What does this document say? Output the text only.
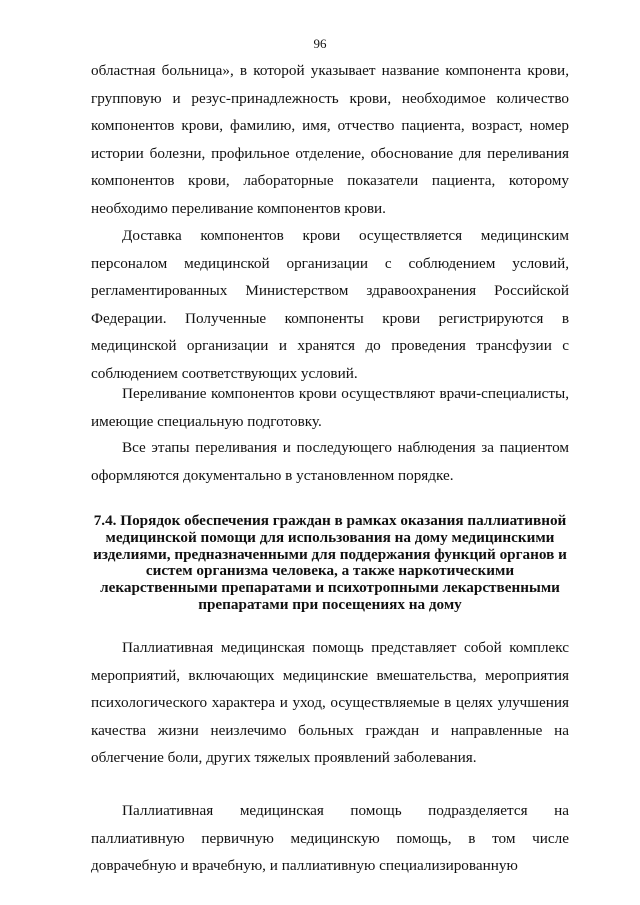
96

областная больница», в которой указывает название компонента крови, групповую и резус-принадлежность крови, необходимое количество компонентов крови, фамилию, имя, отчество пациента, возраст, номер истории болезни, профильное отделение, обоснование для переливания компонентов крови, лабораторные показатели пациента, которому необходимо переливание компонентов крови.

Доставка компонентов крови осуществляется медицинским персоналом медицинской организации с соблюдением условий, регламентированных Министерством здравоохранения Российской Федерации. Полученные компоненты крови регистрируются в медицинской организации и хранятся до проведения трансфузии с соблюдением соответствующих условий.

Переливание компонентов крови осуществляют врачи-специалисты, имеющие специальную подготовку.

Все этапы переливания и последующего наблюдения за пациентом оформляются документально в установленном порядке.

7.4. Порядок обеспечения граждан в рамках оказания паллиативной медицинской помощи для использования на дому медицинскими изделиями, предназначенными для поддержания функций органов и систем организма человека, а также наркотическими лекарственными препаратами и психотропными лекарственными препаратами при посещениях на дому

Паллиативная медицинская помощь представляет собой комплекс мероприятий, включающих медицинские вмешательства, мероприятия психологического характера и уход, осуществляемые в целях улучшения качества жизни неизлечимо больных граждан и направленные на облегчение боли, других тяжелых проявлений заболевания.

Паллиативная медицинская помощь подразделяется на паллиативную первичную медицинскую помощь, в том числе доврачебную и врачебную, и паллиативную специализированную
